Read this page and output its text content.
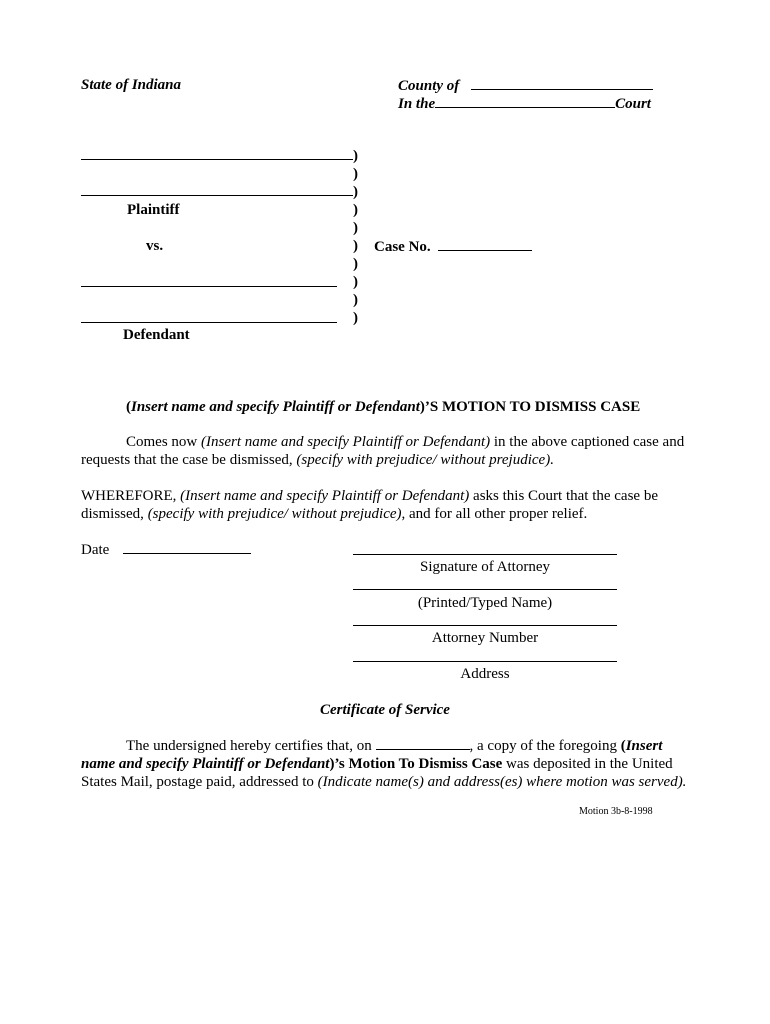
State of Indiana	County of
In the	Court
Plaintiff
vs.
Defendant
)
)
)
)
)
)
)
)
)
)
Case No.
(Insert name and specify Plaintiff or Defendant)’S MOTION TO DISMISS CASE
Comes now (Insert name and specify Plaintiff or Defendant) in the above captioned case and requests that the case be dismissed, (specify with prejudice/ without prejudice).
WHEREFORE, (Insert name and specify Plaintiff or Defendant) asks this Court that the case be dismissed, (specify with prejudice/ without prejudice), and for all other proper relief.
Date
Signature of Attorney
(Printed/Typed Name)
Attorney Number
Address
Certificate of Service
The undersigned hereby certifies that, on	, a copy of the foregoing (Insert name and specify Plaintiff or Defendant)’s Motion To Dismiss Case was deposited in the United States Mail, postage paid, addressed to (Indicate name(s) and address(es) where motion was served).
Motion 3b-8-1998
